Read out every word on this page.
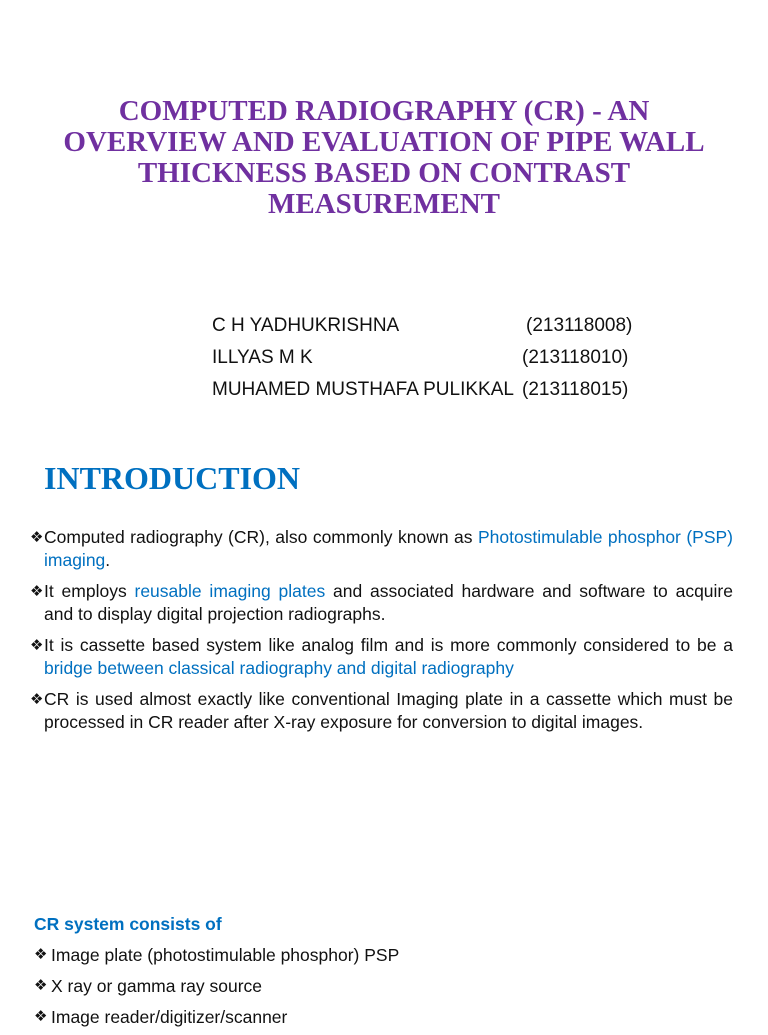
COMPUTED RADIOGRAPHY (CR) - AN OVERVIEW AND EVALUATION OF PIPE WALL THICKNESS BASED ON CONTRAST MEASUREMENT
C H YADHUKRISHNA	(213118008)
ILLYAS M K	(213118010)
MUHAMED MUSTHAFA PULIKKAL (213118015)
INTRODUCTION
❖ Computed radiography (CR), also commonly known as Photostimulable phosphor (PSP) imaging.
❖ It employs reusable imaging plates and associated hardware and software to acquire and to display digital projection radiographs.
❖ It is cassette based system like analog film and is more commonly considered to be a bridge between classical radiography and digital radiography
❖ CR is used almost exactly like conventional Imaging plate in a cassette which must be processed in CR reader after X-ray exposure for conversion to digital images.
CR system consists of
❖ Image plate (photostimulable phosphor) PSP
❖ X ray or gamma ray source
❖ Image reader/digitizer/scanner
